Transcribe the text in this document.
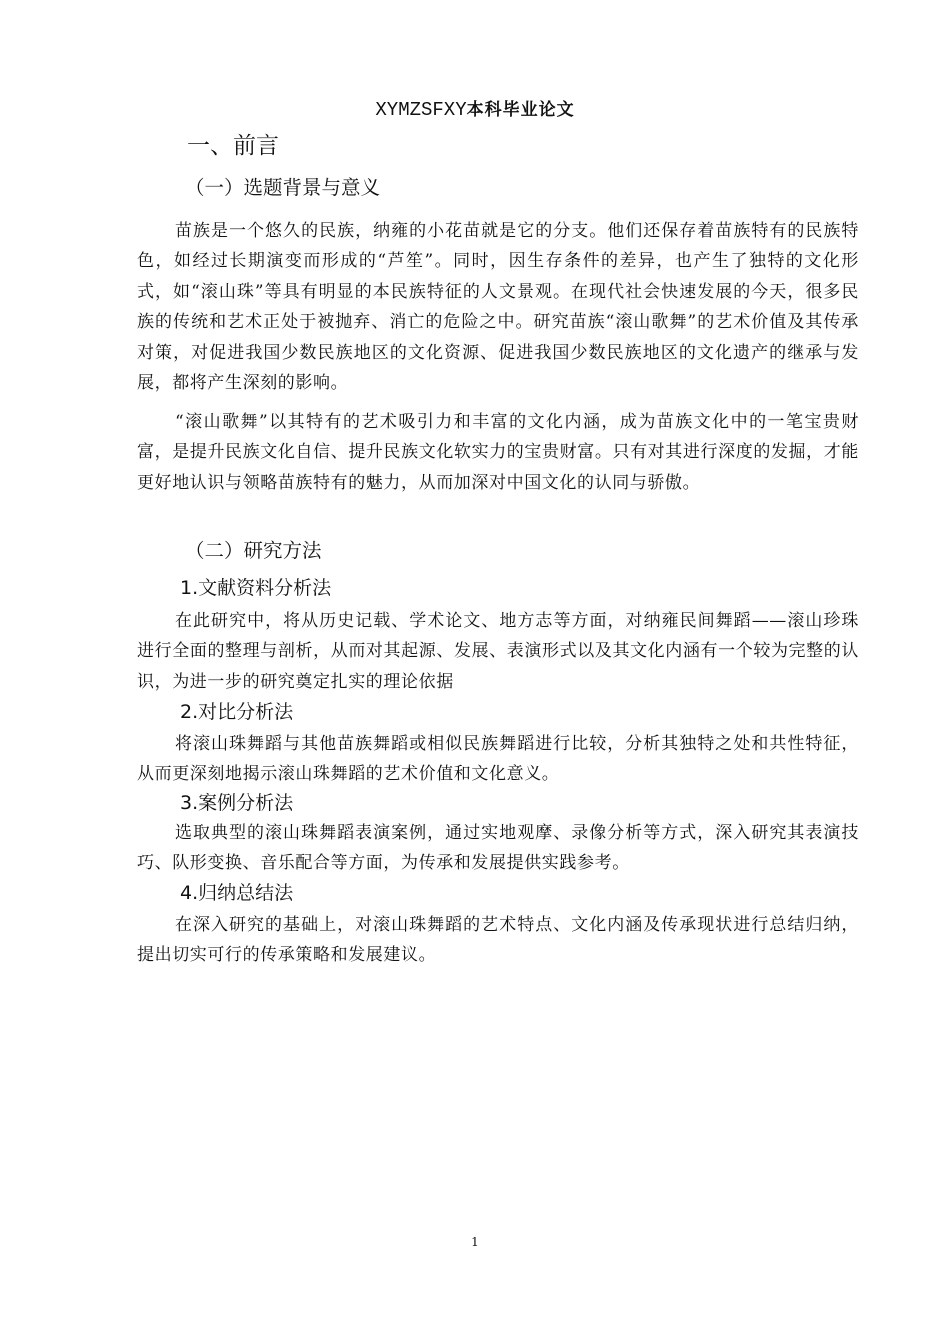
XYMZSFXY本科毕业论文
一、前言
（一）选题背景与意义

苗族是一个悠久的民族，纳雍的小花苗就是它的分支。他们还保存着苗族特有的民族特色，如经过长期演变而形成的“芦笙”。同时，因生存条件的差异，也产生了独特的文化形式，如“滚山珠”等具有明显的本民族特征的人文景观。在现代社会快速发展的今天，很多民族的传统和艺术正处于被抛弃、消亡的危险之中。研究苗族“滚山歌舞”的艺术价值及其传承对策，对促进我国少数民族地区的文化资源、促进我国少数民族地区的文化遗产的继承与发展，都将产生深刻的影响。

“滚山歌舞”以其特有的艺术吸引力和丰富的文化内涵，成为苗族文化中的一笔宝贵财富，是提升民族文化自信、提升民族文化软实力的宝贵财富。只有对其进行深度的发掘，才能更好地认识与领略苗族特有的魅力，从而加深对中国文化的认同与骄傲。

（二）研究方法
1.文献资料分析法

在此研究中，将从历史记载、学术论文、地方志等方面，对纳雍民间舞蹈——滚山珍珠进行全面的整理与剖析，从而对其起源、发展、表演形式以及其文化内涵有一个较为完整的认识，为进一步的研究奠定扎实的理论依据

2.对比分析法

将滚山珠舞蹈与其他苗族舞蹈或相似民族舞蹈进行比较，分析其独特之处和共性特征，从而更深刻地揭示滚山珠舞蹈的艺术价值和文化意义。

3.案例分析法

选取典型的滚山珠舞蹈表演案例，通过实地观摩、录像分析等方式，深入研究其表演技巧、队形变换、音乐配合等方面，为传承和发展提供实践参考。

4.归纳总结法

在深入研究的基础上，对滚山珠舞蹈的艺术特点、文化内涵及传承现状进行总结归纳，提出切实可行的传承策略和发展建议。

1
